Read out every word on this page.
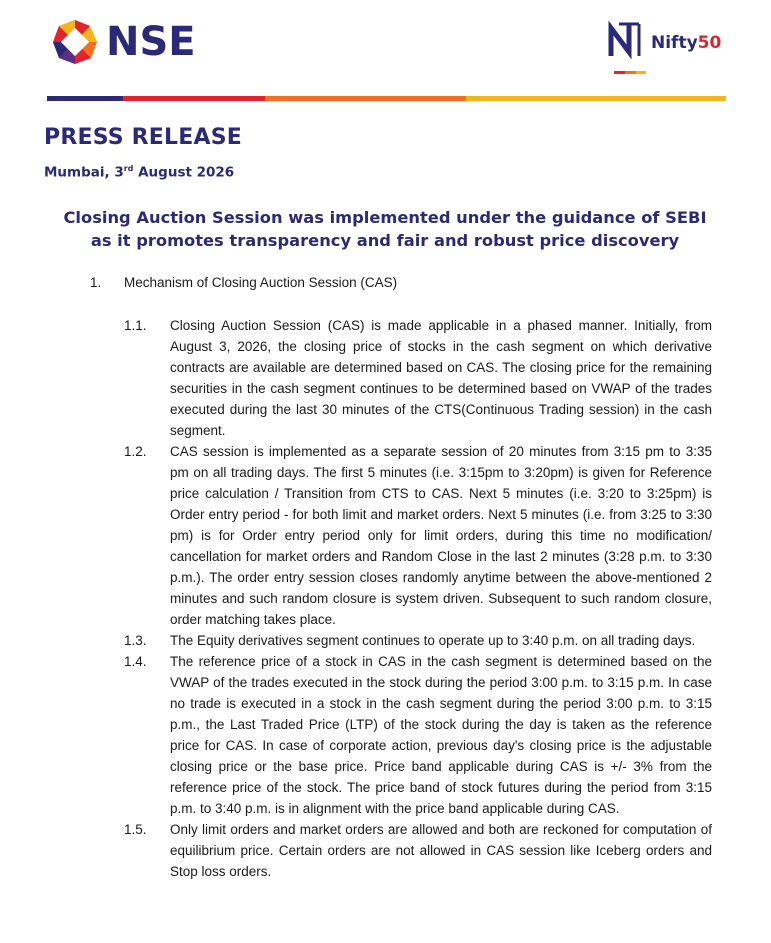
NSE	Nifty50
PRESS RELEASE
Mumbai, 3rd August 2026
Closing Auction Session was implemented under the guidance of SEBI as it promotes transparency and fair and robust price discovery
1. Mechanism of Closing Auction Session (CAS)
1.1. Closing Auction Session (CAS) is made applicable in a phased manner. Initially, from August 3, 2026, the closing price of stocks in the cash segment on which derivative contracts are available are determined based on CAS. The closing price for the remaining securities in the cash segment continues to be determined based on VWAP of the trades executed during the last 30 minutes of the CTS(Continuous Trading session) in the cash segment.
1.2. CAS session is implemented as a separate session of 20 minutes from 3:15 pm to 3:35 pm on all trading days. The first 5 minutes (i.e. 3:15pm to 3:20pm) is given for Reference price calculation / Transition from CTS to CAS. Next 5 minutes (i.e. 3:20 to 3:25pm) is Order entry period - for both limit and market orders. Next 5 minutes (i.e. from 3:25 to 3:30 pm) is for Order entry period only for limit orders, during this time no modification/ cancellation for market orders and Random Close in the last 2 minutes (3:28 p.m. to 3:30 p.m.). The order entry session closes randomly anytime between the above-mentioned 2 minutes and such random closure is system driven. Subsequent to such random closure, order matching takes place.
1.3. The Equity derivatives segment continues to operate up to 3:40 p.m. on all trading days.
1.4. The reference price of a stock in CAS in the cash segment is determined based on the VWAP of the trades executed in the stock during the period 3:00 p.m. to 3:15 p.m. In case no trade is executed in a stock in the cash segment during the period 3:00 p.m. to 3:15 p.m., the Last Traded Price (LTP) of the stock during the day is taken as the reference price for CAS. In case of corporate action, previous day's closing price is the adjustable closing price or the base price. Price band applicable during CAS is +/- 3% from the reference price of the stock. The price band of stock futures during the period from 3:15 p.m. to 3:40 p.m. is in alignment with the price band applicable during CAS.
1.5. Only limit orders and market orders are allowed and both are reckoned for computation of equilibrium price. Certain orders are not allowed in CAS session like Iceberg orders and Stop loss orders.
